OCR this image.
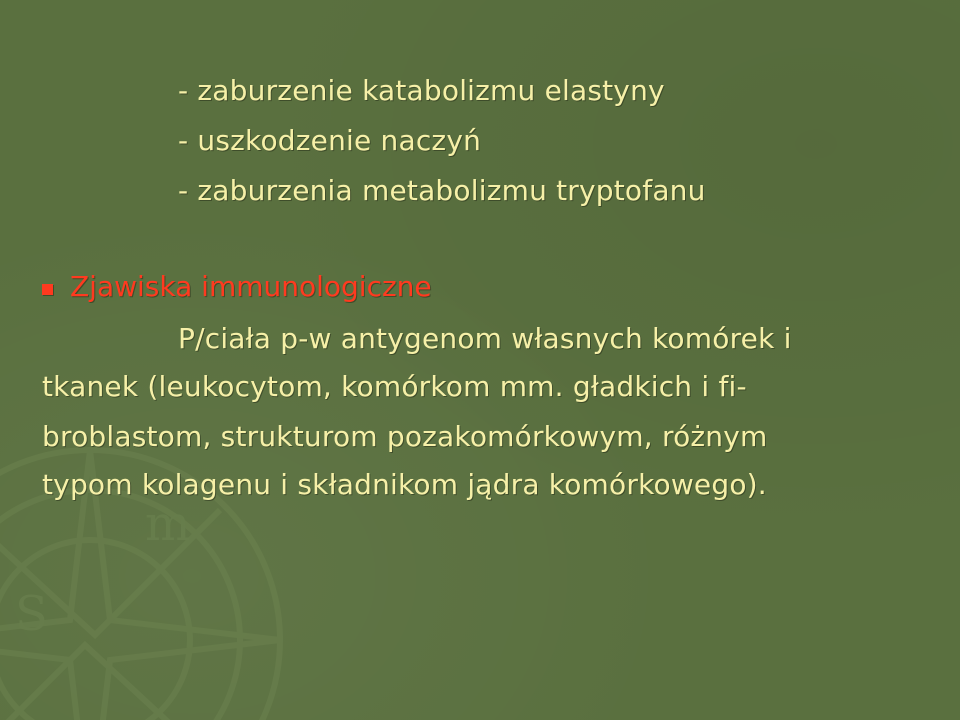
S
m
- zaburzenie katabolizmu elastyny
- uszkodzenie naczyń
- zaburzenia metabolizmu tryptofanu
Zjawiska immunologiczne
P/ciała p-w antygenom własnych komórek i
tkanek (leukocytom, komórkom mm. gładkich i fi-
broblastom, strukturom pozakomórkowym, różnym
typom kolagenu i składnikom jądra komórkowego).
